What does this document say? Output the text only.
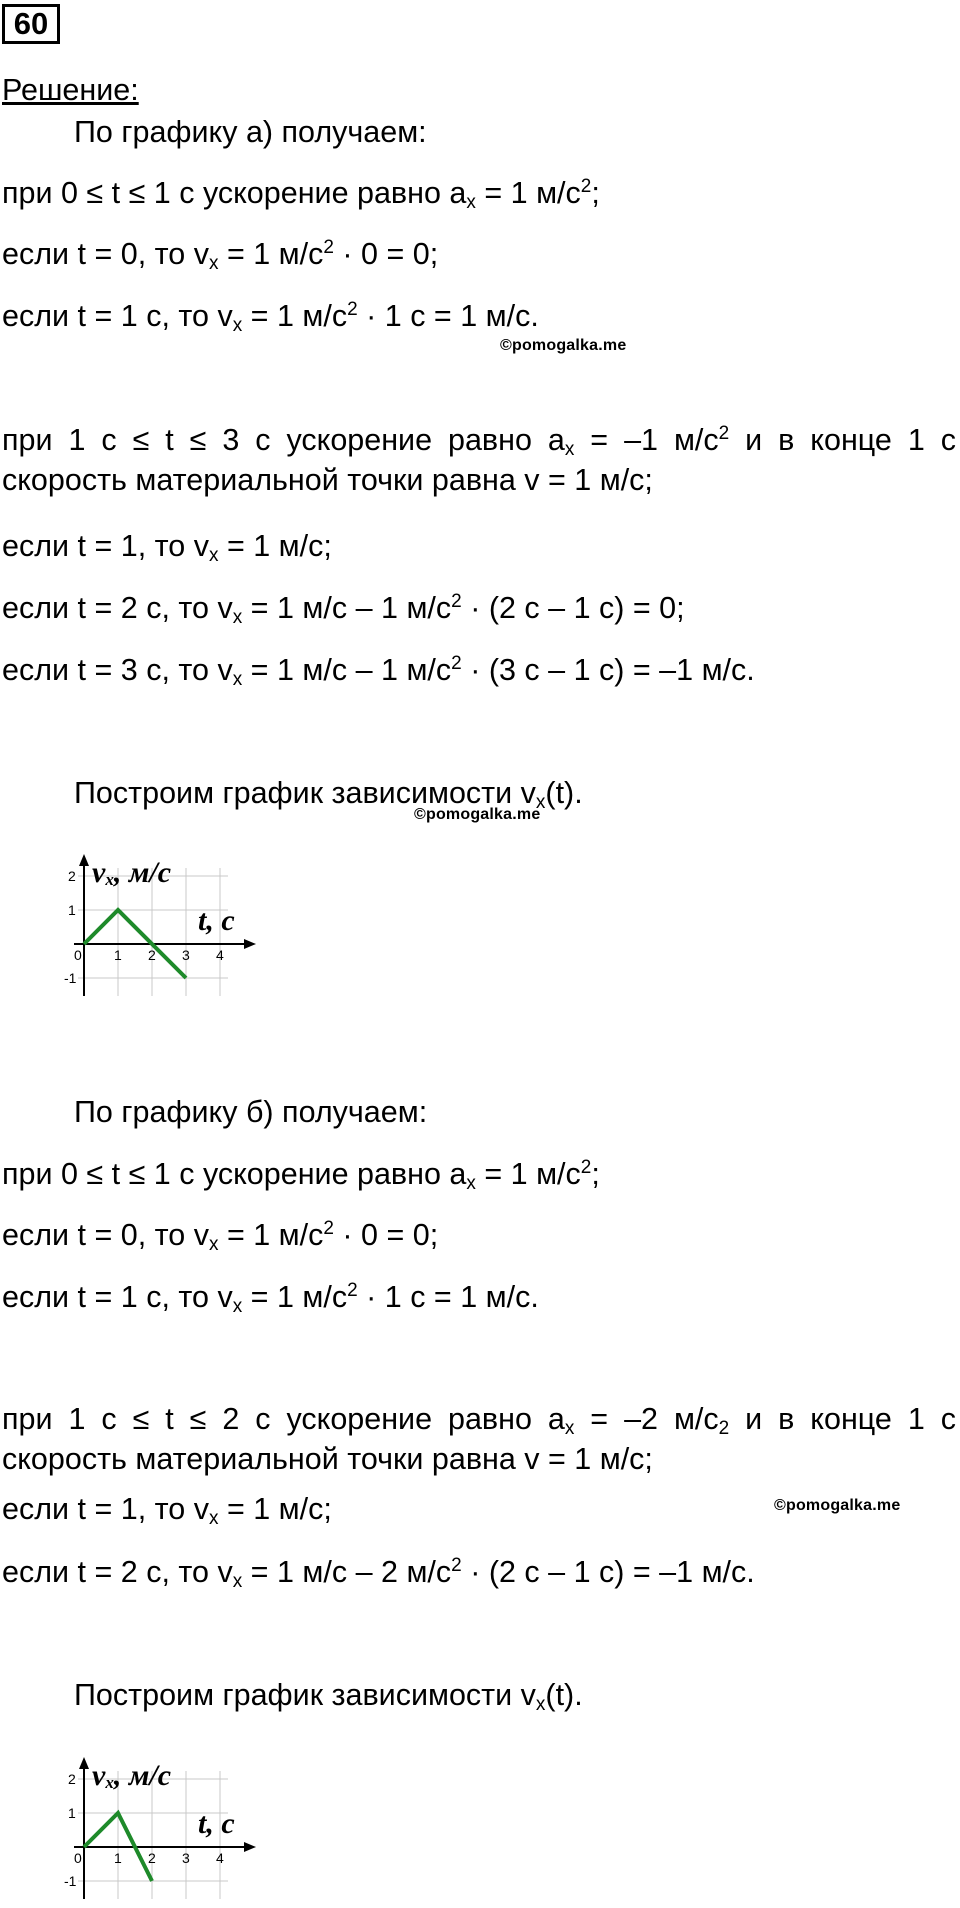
60
Решение:
По графику а) получаем:
при 0 ≤ t ≤ 1 с ускорение равно $a_x = 1$ $м/с^2$;
если t = 0, то $v_x = 1$ $м/с^2 \cdot 0 = 0$;
если t = 1 с, то $v_x = 1$ $м/с^2 \cdot 1$ с = 1 м/с.
©pomogalka.me
при 1 с ≤ t ≤ 3 с ускорение равно $a_x = -1$ $м/с^2$ и в конце 1 с
скорость материальной точки равна v = 1 м/с;
если t = 1, то $v_x = 1$ м/с;
если t = 2 с, то $v_x = 1$ м/с – 1 $м/с^2 \cdot (2$ с – 1 с) = 0;
если t = 3 с, то $v_x = 1$ м/с – 1 $м/с^2 \cdot (3$ с – 1 с) = –1 м/с.
Построим график зависимости $v_x(t)$.
©pomogalka.me
0 1 2 3 4
2
1
-1
vx, м/с
t, с
По графику б) получаем:
при 0 ≤ t ≤ 1 с ускорение равно $a_x = 1$ $м/с^2$;
если t = 0, то $v_x = 1$ $м/с^2 \cdot 0 = 0$;
если t = 1 с, то $v_x = 1$ $м/с^2 \cdot 1$ с = 1 м/с.
при 1 с ≤ t ≤ 2 с ускорение равно $a_x = -2$ $м/с_2$ и в конце 1 с
скорость материальной точки равна v = 1 м/с;
если t = 1, то $v_x = 1$ м/с;	©pomogalka.me
если t = 2 с, то $v_x = 1$ м/с – 2 $м/с^2 \cdot (2$ с – 1 с) = –1 м/с.
Построим график зависимости $v_x(t)$.
0 1 2 3 4
2
1
-1
vx, м/с
t, с
